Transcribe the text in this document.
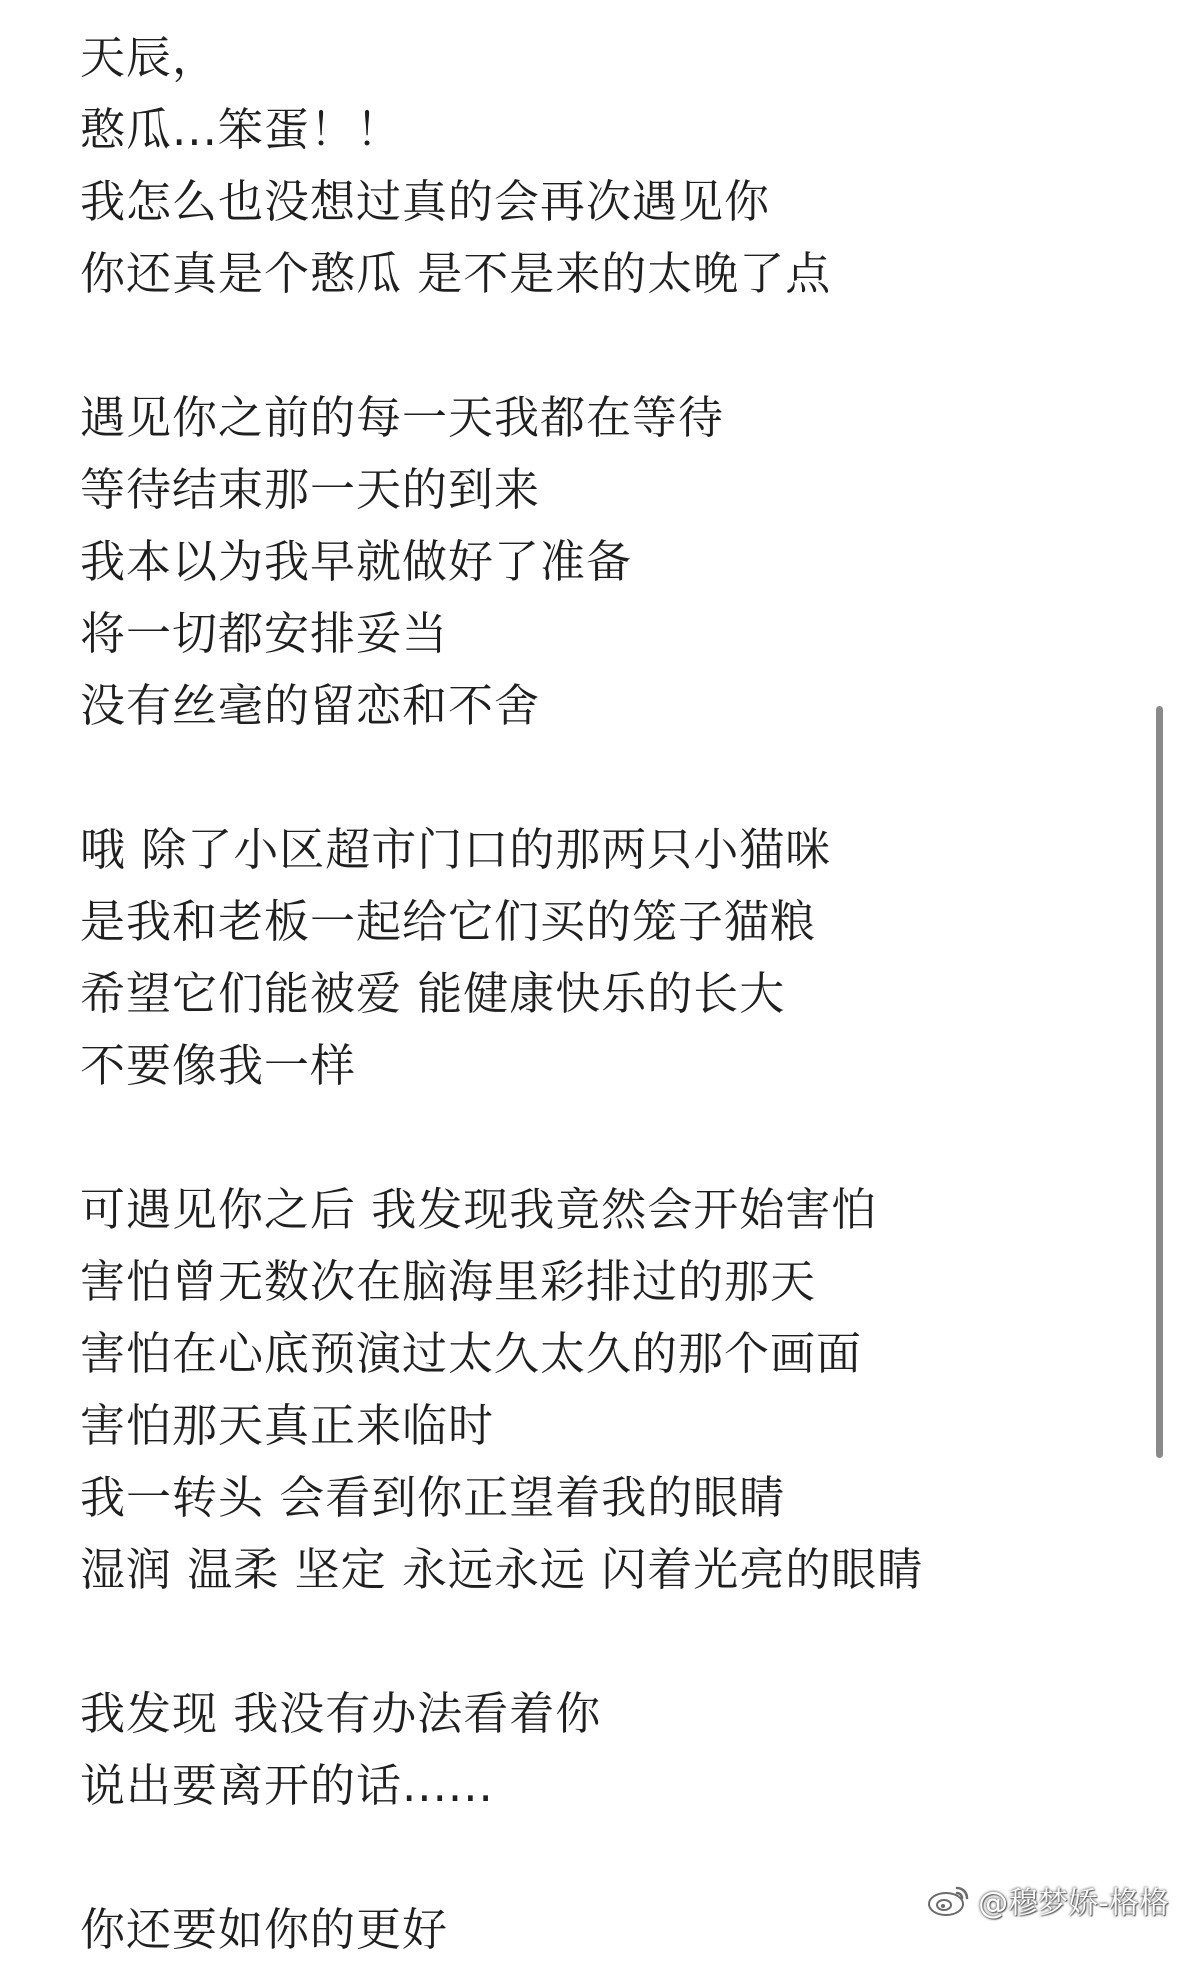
天辰，
憨瓜...笨蛋！！
我怎么也没想过真的会再次遇见你
你还真是个憨瓜 是不是来的太晚了点
遇见你之前的每一天我都在等待
等待结束那一天的到来
我本以为我早就做好了准备
将一切都安排妥当
没有丝毫的留恋和不舍
哦 除了小区超市门口的那两只小猫咪
是我和老板一起给它们买的笼子猫粮
希望它们能被爱 能健康快乐的长大
不要像我一样
可遇见你之后 我发现我竟然会开始害怕
害怕曾无数次在脑海里彩排过的那天
害怕在心底预演过太久太久的那个画面
害怕那天真正来临时
我一转头 会看到你正望着我的眼睛
湿润 温柔 坚定 永远永远 闪着光亮的眼睛
我发现 我没有办法看着你
说出要离开的话......
你还要如你的更好	@穆梦娇-格格
